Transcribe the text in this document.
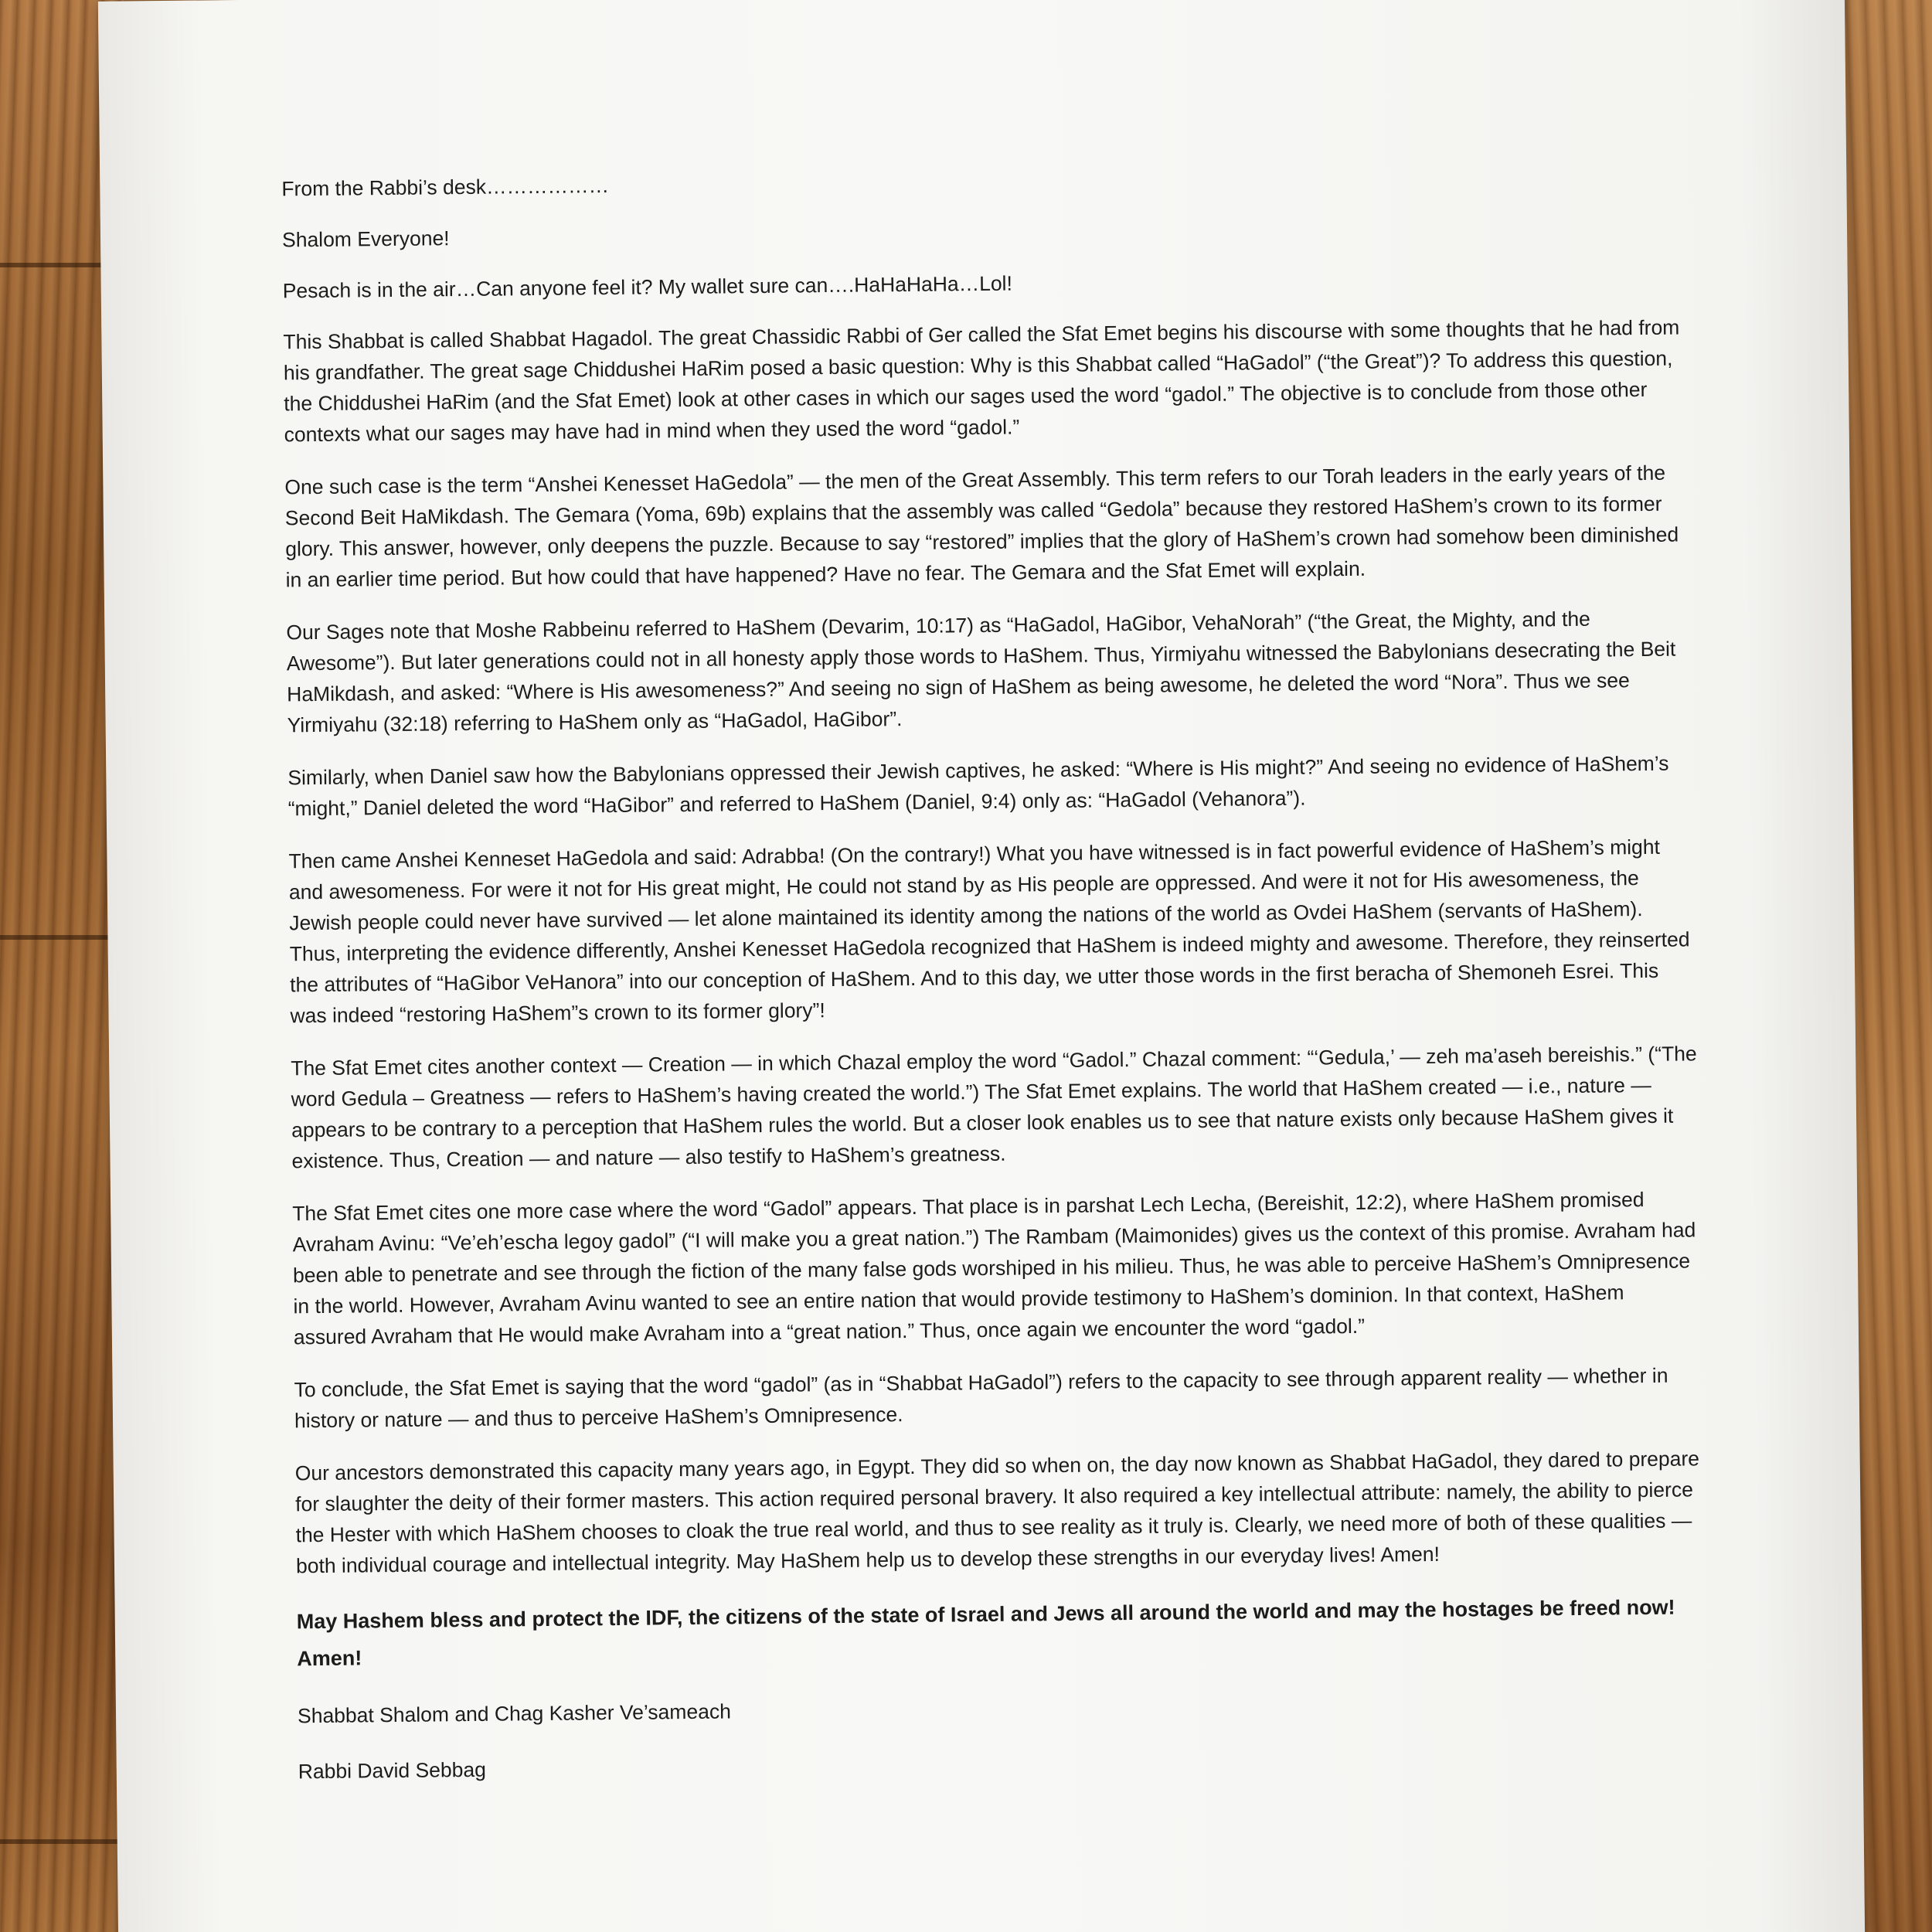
From the Rabbi’s desk………………

Shalom Everyone!

Pesach is in the air…Can anyone feel it? My wallet sure can….HaHaHaHa…Lol!

This Shabbat is called Shabbat Hagadol. The great Chassidic Rabbi of Ger called the Sfat Emet begins his discourse with some thoughts that he had from his grandfather. The great sage Chiddushei HaRim posed a basic question: Why is this Shabbat called “HaGadol” (“the Great”)? To address this question, the Chiddushei HaRim (and the Sfat Emet) look at other cases in which our sages used the word “gadol.” The objective is to conclude from those other contexts what our sages may have had in mind when they used the word “gadol.”

One such case is the term “Anshei Kenesset HaGedola” — the men of the Great Assembly. This term refers to our Torah leaders in the early years of the Second Beit HaMikdash. The Gemara (Yoma, 69b) explains that the assembly was called “Gedola” because they restored HaShem’s crown to its former glory. This answer, however, only deepens the puzzle. Because to say “restored” implies that the glory of HaShem’s crown had somehow been diminished in an earlier time period. But how could that have happened? Have no fear. The Gemara and the Sfat Emet will explain.

Our Sages note that Moshe Rabbeinu referred to HaShem (Devarim, 10:17) as “HaGadol, HaGibor, VehaNorah” (“the Great, the Mighty, and the Awesome”). But later generations could not in all honesty apply those words to HaShem. Thus, Yirmiyahu witnessed the Babylonians desecrating the Beit HaMikdash, and asked: “Where is His awesomeness?” And seeing no sign of HaShem as being awesome, he deleted the word “Nora”. Thus we see Yirmiyahu (32:18) referring to HaShem only as “HaGadol, HaGibor”.

Similarly, when Daniel saw how the Babylonians oppressed their Jewish captives, he asked: “Where is His might?” And seeing no evidence of HaShem’s “might,” Daniel deleted the word “HaGibor” and referred to HaShem (Daniel, 9:4) only as: “HaGadol (Vehanora”).

Then came Anshei Kenneset HaGedola and said: Adrabba! (On the contrary!) What you have witnessed is in fact powerful evidence of HaShem’s might and awesomeness. For were it not for His great might, He could not stand by as His people are oppressed. And were it not for His awesomeness, the Jewish people could never have survived — let alone maintained its identity among the nations of the world as Ovdei HaShem (servants of HaShem). Thus, interpreting the evidence differently, Anshei Kenesset HaGedola recognized that HaShem is indeed mighty and awesome. Therefore, they reinserted the attributes of “HaGibor VeHanora” into our conception of HaShem. And to this day, we utter those words in the first beracha of Shemoneh Esrei. This was indeed “restoring HaShem”s crown to its former glory”!

The Sfat Emet cites another context — Creation — in which Chazal employ the word “Gadol.” Chazal comment: “‘Gedula,’ — zeh ma’aseh bereishis.” (“The word Gedula – Greatness — refers to HaShem’s having created the world.”) The Sfat Emet explains. The world that HaShem created — i.e., nature — appears to be contrary to a perception that HaShem rules the world. But a closer look enables us to see that nature exists only because HaShem gives it existence. Thus, Creation — and nature — also testify to HaShem’s greatness.

The Sfat Emet cites one more case where the word “Gadol” appears. That place is in parshat Lech Lecha, (Bereishit, 12:2), where HaShem promised Avraham Avinu: “Ve’eh’escha legoy gadol” (“I will make you a great nation.”) The Rambam (Maimonides) gives us the context of this promise. Avraham had been able to penetrate and see through the fiction of the many false gods worshiped in his milieu. Thus, he was able to perceive HaShem’s Omnipresence in the world. However, Avraham Avinu wanted to see an entire nation that would provide testimony to HaShem’s dominion. In that context, HaShem assured Avraham that He would make Avraham into a “great nation.” Thus, once again we encounter the word “gadol.”

To conclude, the Sfat Emet is saying that the word “gadol” (as in “Shabbat HaGadol”) refers to the capacity to see through apparent reality — whether in history or nature — and thus to perceive HaShem’s Omnipresence.

Our ancestors demonstrated this capacity many years ago, in Egypt. They did so when on, the day now known as Shabbat HaGadol, they dared to prepare for slaughter the deity of their former masters. This action required personal bravery. It also required a key intellectual attribute: namely, the ability to pierce the Hester with which HaShem chooses to cloak the true real world, and thus to see reality as it truly is. Clearly, we need more of both of these qualities — both individual courage and intellectual integrity. May HaShem help us to develop these strengths in our everyday lives! Amen!

May Hashem bless and protect the IDF, the citizens of the state of Israel and Jews all around the world and may the hostages be freed now! Amen!

Shabbat Shalom and Chag Kasher Ve’sameach

Rabbi David Sebbag
